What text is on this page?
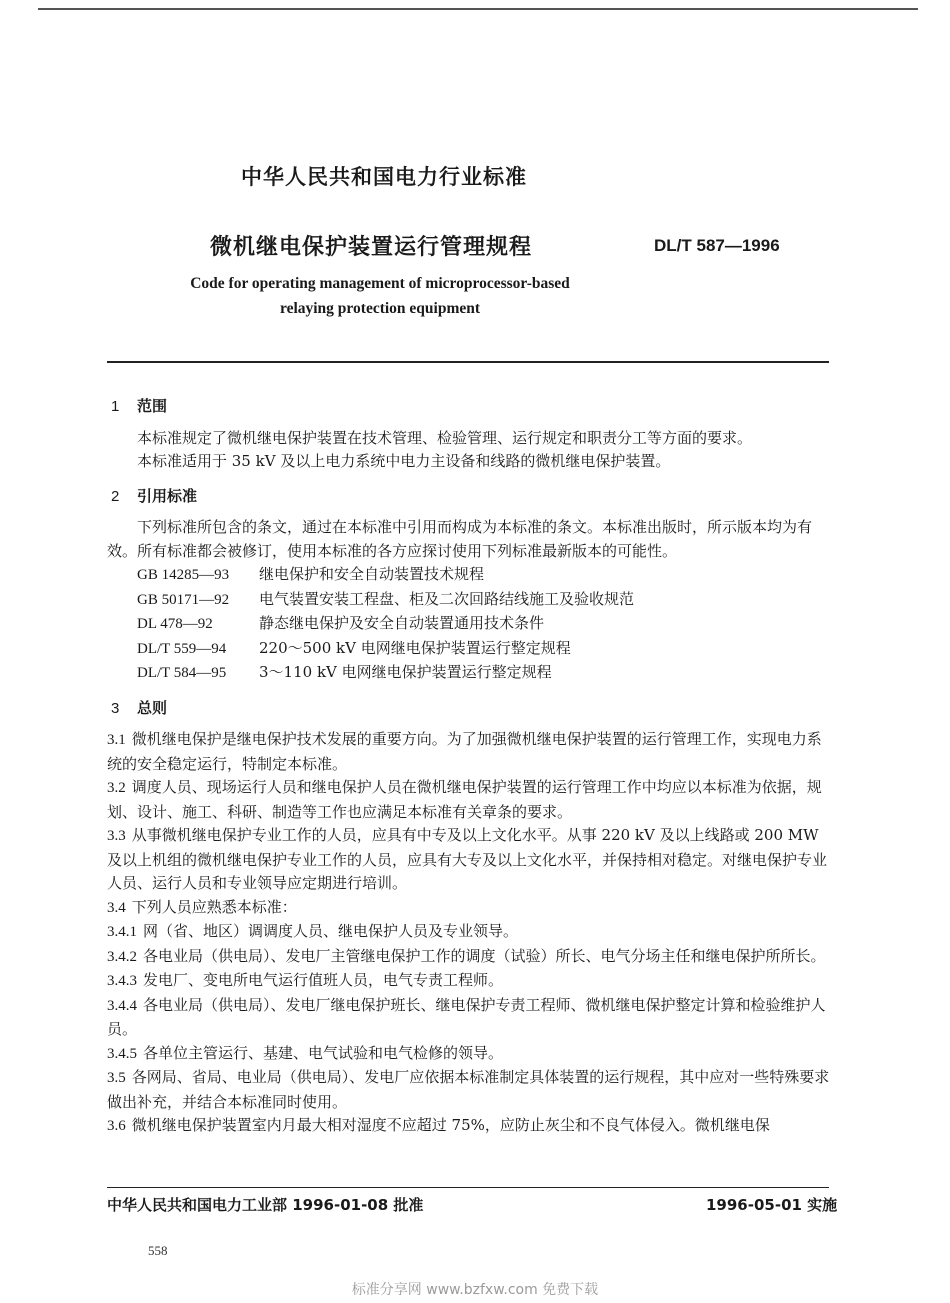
中华人民共和国电力行业标准
微机继电保护装置运行管理规程	DL/T 587—1996
Code for operating management of microprocessor-based
relaying protection equipment
1 范围

本标准规定了微机继电保护装置在技术管理、检验管理、运行规定和职责分工等方面的要求。

本标准适用于 35 kV 及以上电力系统中电力主设备和线路的微机继电保护装置。

2 引用标准

下列标准所包含的条文，通过在本标准中引用而构成为本标准的条文。本标准出版时，所示版本均为有效。所有标准都会被修订，使用本标准的各方应探讨使用下列标准最新版本的可能性。

GB 14285—93 继电保护和安全自动装置技术规程

GB 50171—92 电气装置安装工程盘、柜及二次回路结线施工及验收规范

DL 478—92	静态继电保护及安全自动装置通用技术条件

DL/T 559—94 220～500 kV 电网继电保护装置运行整定规程

DL/T 584—95 3～110 kV 电网继电保护装置运行整定规程

3 总则

3.1 微机继电保护是继电保护技术发展的重要方向。为了加强微机继电保护装置的运行管理工作，实现电力系统的安全稳定运行，特制定本标准。

3.2 调度人员、现场运行人员和继电保护人员在微机继电保护装置的运行管理工作中均应以本标准为依据，规划、设计、施工、科研、制造等工作也应满足本标准有关章条的要求。

3.3 从事微机继电保护专业工作的人员，应具有中专及以上文化水平。从事 220 kV 及以上线路或 200 MW 及以上机组的微机继电保护专业工作的人员，应具有大专及以上文化水平，并保持相对稳定。对继电保护专业人员、运行人员和专业领导应定期进行培训。

3.4 下列人员应熟悉本标准：

3.4.1 网（省、地区）调调度人员、继电保护人员及专业领导。

3.4.2 各电业局（供电局）、发电厂主管继电保护工作的调度（试验）所长、电气分场主任和继电保护所所长。

3.4.3 发电厂、变电所电气运行值班人员，电气专责工程师。

3.4.4 各电业局（供电局）、发电厂继电保护班长、继电保护专责工程师、微机继电保护整定计算和检验维护人员。

3.4.5 各单位主管运行、基建、电气试验和电气检修的领导。

3.5 各网局、省局、电业局（供电局）、发电厂应依据本标准制定具体装置的运行规程，其中应对一些特殊要求做出补充，并结合本标准同时使用。

3.6 微机继电保护装置室内月最大相对湿度不应超过 75%，应防止灰尘和不良气体侵入。微机继电保

中华人民共和国电力工业部 1996-01-08 批准	1996-05-01 实施
558
标准分享网 www.bzfxw.com 免费下载
